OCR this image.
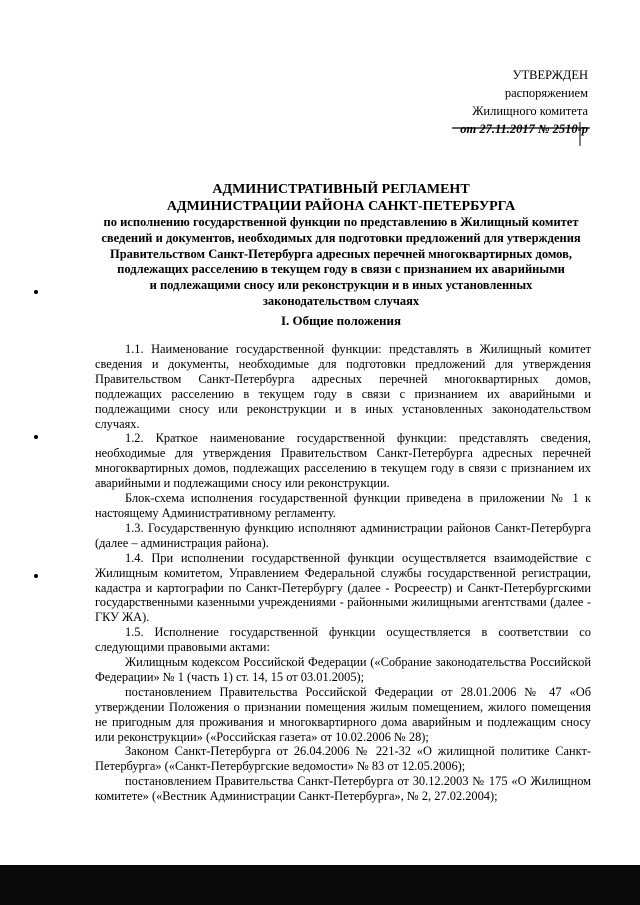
УТВЕРЖДЕН
распоряжением
Жилищного комитета
от 27.11.2017 № 2510-р
АДМИНИСТРАТИВНЫЙ РЕГЛАМЕНТ
АДМИНИСТРАЦИИ РАЙОНА САНКТ-ПЕТЕРБУРГА
по исполнению государственной функции по представлению в Жилищный комитет
сведений и документов, необходимых для подготовки предложений для утверждения
Правительством Санкт-Петербурга адресных перечней многоквартирных домов,
подлежащих расселению в текущем году в связи с признанием их аварийными
и подлежащими сносу или реконструкции и в иных установленных
законодательством случаях
I. Общие положения

1.1. Наименование государственной функции: представлять в Жилищный комитет сведения и документы, необходимые для подготовки предложений для утверждения Правительством Санкт-Петербурга адресных перечней многоквартирных домов, подлежащих расселению в текущем году в связи с признанием их аварийными и подлежащими сносу или реконструкции и в иных установленных законодательством случаях.

1.2. Краткое наименование государственной функции: представлять сведения, необходимые для утверждения Правительством Санкт-Петербурга адресных перечней многоквартирных домов, подлежащих расселению в текущем году в связи с признанием их аварийными и подлежащими сносу или реконструкции.

Блок-схема исполнения государственной функции приведена в приложении № 1 к настоящему Административному регламенту.

1.3. Государственную функцию исполняют администрации районов Санкт-Петербурга (далее – администрация района).

1.4. При исполнении государственной функции осуществляется взаимодействие с Жилищным комитетом, Управлением Федеральной службы государственной регистрации, кадастра и картографии по Санкт-Петербургу (далее - Росреестр) и Санкт-Петербургскими государственными казенными учреждениями - районными жилищными агентствами (далее - ГКУ ЖА).

1.5. Исполнение государственной функции осуществляется в соответствии со следующими правовыми актами:

Жилищным кодексом Российской Федерации («Собрание законодательства Российской Федерации» № 1 (часть 1) ст. 14, 15 от 03.01.2005);

постановлением Правительства Российской Федерации от 28.01.2006 № 47 «Об утверждении Положения о признании помещения жилым помещением, жилого помещения не пригодным для проживания и многоквартирного дома аварийным и подлежащим сносу или реконструкции» («Российская газета» от 10.02.2006 № 28);

Законом Санкт-Петербурга от 26.04.2006 № 221-32 «О жилищной политике Санкт-Петербурга» («Санкт-Петербургские ведомости» № 83 от 12.05.2006);

постановлением Правительства Санкт-Петербурга от 30.12.2003 № 175 «О Жилищном комитете» («Вестник Администрации Санкт-Петербурга», № 2, 27.02.2004);
